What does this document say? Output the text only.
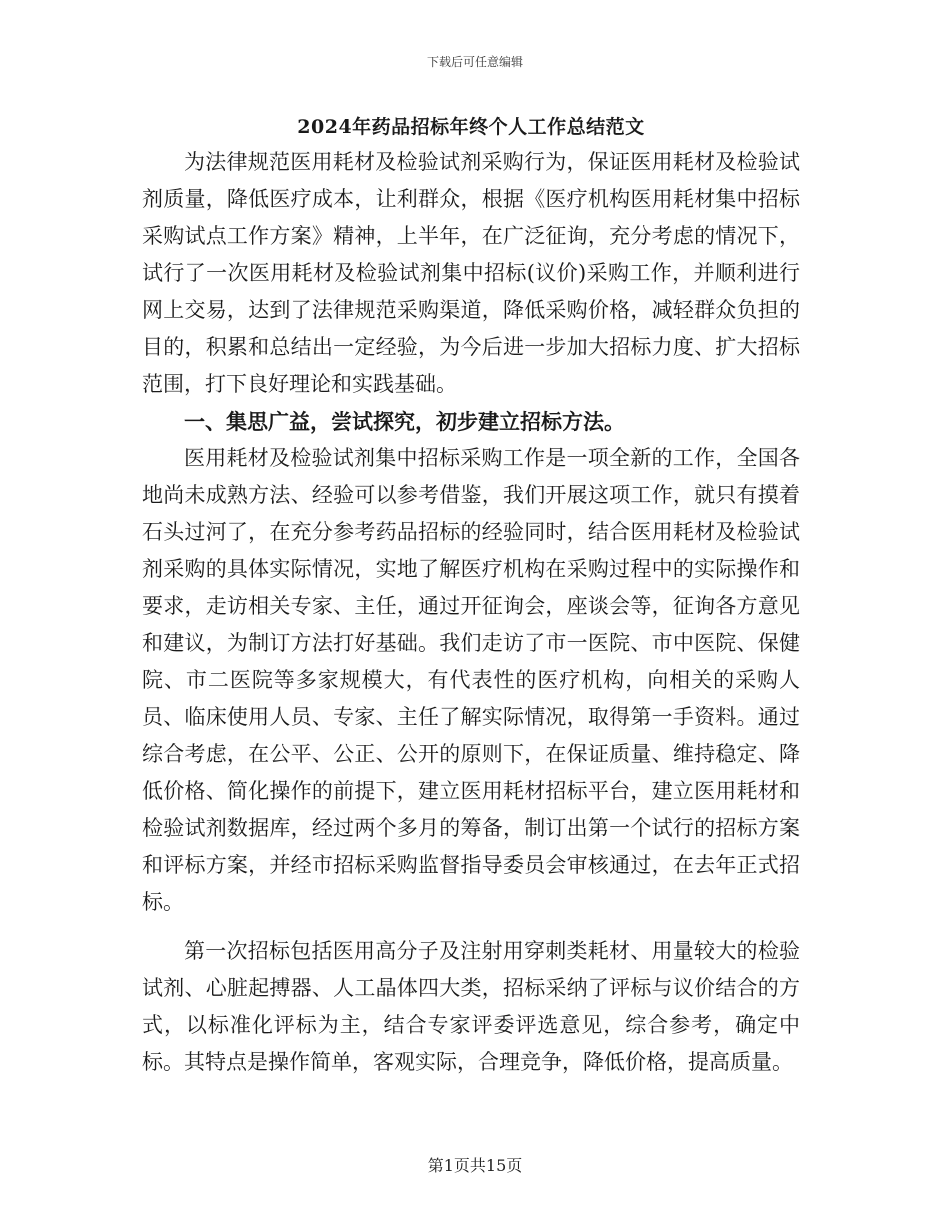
下载后可任意编辑
2024年药品招标年终个人工作总结范文

为法律规范医用耗材及检验试剂采购行为，保证医用耗材及检验试剂质量，降低医疗成本，让利群众，根据《医疗机构医用耗材集中招标采购试点工作方案》精神，上半年，在广泛征询，充分考虑的情况下，试行了一次医用耗材及检验试剂集中招标(议价)采购工作，并顺利进行网上交易，达到了法律规范采购渠道，降低采购价格，减轻群众负担的目的，积累和总结出一定经验，为今后进一步加大招标力度、扩大招标范围，打下良好理论和实践基础。

一、集思广益，尝试探究，初步建立招标方法。

医用耗材及检验试剂集中招标采购工作是一项全新的工作，全国各地尚未成熟方法、经验可以参考借鉴，我们开展这项工作，就只有摸着石头过河了，在充分参考药品招标的经验同时，结合医用耗材及检验试剂采购的具体实际情况，实地了解医疗机构在采购过程中的实际操作和要求，走访相关专家、主任，通过开征询会，座谈会等，征询各方意见和建议，为制订方法打好基础。我们走访了市一医院、市中医院、保健院、市二医院等多家规模大，有代表性的医疗机构，向相关的采购人员、临床使用人员、专家、主任了解实际情况，取得第一手资料。通过综合考虑，在公平、公正、公开的原则下，在保证质量、维持稳定、降低价格、简化操作的前提下，建立医用耗材招标平台，建立医用耗材和检验试剂数据库，经过两个多月的筹备，制订出第一个试行的招标方案和评标方案，并经市招标采购监督指导委员会审核通过，在去年正式招标。

第一次招标包括医用高分子及注射用穿刺类耗材、用量较大的检验试剂、心脏起搏器、人工晶体四大类，招标采纳了评标与议价结合的方式，以标准化评标为主，结合专家评委评选意见，综合参考，确定中标。其特点是操作简单，客观实际，合理竞争，降低价格，提高质量。

第1页共15页
